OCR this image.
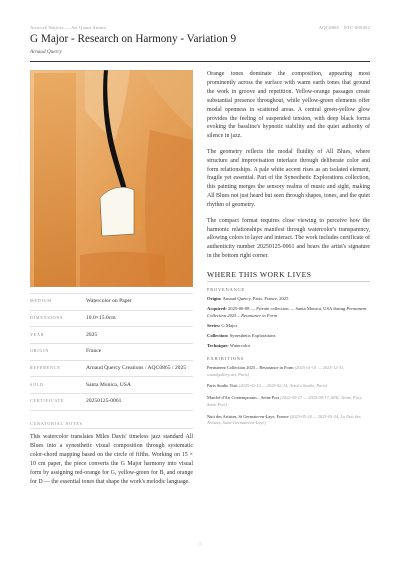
Artwork Notices — Art Quant Anima	AQC0865 · NTC-000462
G Major - Research on Harmony - Variation 9
Arnaud Quercy
MEDIUM	Watercolor on Paper
DIMENSIONS	10.0×15.0cm
YEAR	2025
ORIGIN	France
REFERENCE	Arnaud Quercy Creations / AQC0865 / 2025
SOLD	Santa Monica, USA
CERTIFICATE	20250125-0061
CURATORIAL NOTES
This watercolor translates Miles Davis' timeless jazz standard All Blues into a synesthetic visual composition through systematic color-chord mapping based on the circle of fifths. Working on 15 × 10 cm paper, the piece converts the G Major harmony into visual form by assigning red-orange for G, yellow-green for B, and orange for D — the essential tones that shape the work's melodic language.

Orange tones dominate the composition, appearing most prominently across the surface with warm earth tones that ground the work in groove and repetition. Yellow-orange passages create substantial presence throughout, while yellow-green elements offer modal openness in scattered areas. A central green-yellow glow provides the feeling of suspended tension, with deep black forms evoking the bassline's hypnotic stability and the quiet authority of silence in jazz.

The geometry reflects the modal fluidity of All Blues, where structure and improvisation interlace through deliberate color and form relationships. A pale white accent rises as an isolated element, fragile yet essential. Part of the Synesthetic Explorations collection, this painting merges the sensory realms of music and sight, making All Blues not just heard but seen through shapes, tones, and the quiet rhythm of geometry.

The compact format requires close viewing to perceive how the harmonic relationships manifest through watercolor's transparency, allowing colors to layer and interact. The work includes certificate of authenticity number 20250125-0061 and bears the artist's signature in the bottom right corner.

WHERE THIS WORK LIVES
PROVENANCE
Origin: Arnaud Quercy, Paris, France, 2025
Acquired: 2025-06-08 — Private collection — Santa Monica, USA during Permanent Collection 2025 – Resonance in Form
Series: G Major
Collection: Synesthetic Explorations
Technique: Watercolor
EXHIBITIONS
Permanent Collection 2025 – Resonance in Form (2025-01-01 — 2025-12-31, soundgallery.art, Paris)
Paris Studio Visit (2025-02-10 — 2025-02-14, Artist's Studio, Paris)
Marché d'Art Contemporain – Seine Pori (2022-09-17 — 2025-09-17, MAC Seine, Pory Seine Pori)
Nuit des Artistes, St Germain-en-Laye, France (2025-05-24 — 2025-05-24, La Nuit des Artistes, Saint-Germain-en-Laye)
1
